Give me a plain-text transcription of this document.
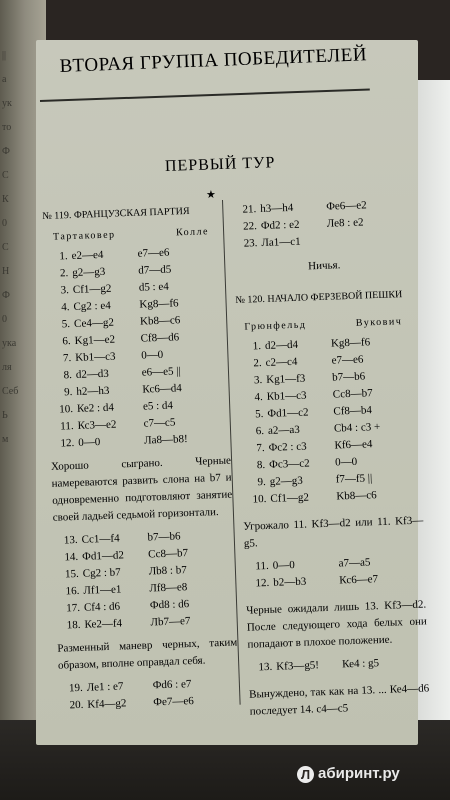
||
а
ук
то
Ф
С
К
0
С
Н
Ф
0
ука
ля
Себ
Ь
м
ВТОРАЯ ГРУППА ПОБЕДИТЕЛЕЙ
ПЕРВЫЙ ТУР
★
№ 119. ФРАНЦУЗСКАЯ ПАРТИЯ
Тартаковер	Колле
1. е2—е4	е7—е6
2. g2—g3	d7—d5
3. Cf1—g2	d5 : е4
4. Сg2 : е4	Kg8—f6
5. Се4—g2	Kb8—с6
6. Kg1—е2	Cf8—d6
7. Kb1—с3	0—0
8. d2—d3	е6—е5 ||
9. h2—h3	Кс6—d4
10. Ке2 : d4	е5 : d4
11. Кс3—е2	с7—с5
12. 0—0	Ла8—b8!
Хорошо сыграно. Черные намереваются развить слона на b7 и одновременно подготовляют занятие своей ладьей седьмой горизонтали.
13. Сс1—f4	b7—b6
14. Фd1—d2	Сс8—b7
15. Сg2 : b7	Лb8 : b7
16. Лf1—е1	Лf8—е8
17. Cf4 : d6	Фd8 : d6
18. Ке2—f4	Лb7—е7
Разменный маневр черных, таким образом, вполне оправдал себя.
19. Ле1 : е7	Фd6 : е7
20. Kf4—g2	Фе7—е6
21. h3—h4	Фе6—е2
22. Фd2 : е2	Ле8 : е2
23. Ла1—с1
Ничья.
№ 120. НАЧАЛО ФЕРЗЕВОЙ ПЕШКИ
Грюнфельд	Вукович
1. d2—d4	Kg8—f6
2. с2—с4	е7—е6
3. Kg1—f3	b7—b6
4. Кb1—с3	Сс8—b7
5. Фd1—с2	Cf8—b4
6. а2—а3	Сb4 : с3 +
7. Фс2 : с3	Кf6—е4
8. Фс3—с2	0—0
9. g2—g3	f7—f5 ||
10. Cf1—g2	Kb8—с6
Угрожало 11. Kf3—d2 или 11. Kf3—g5.
11. 0—0	а7—а5
12. b2—b3	Кс6—е7
Черные ожидали лишь 13. Kf3—d2. После следующего хода белых они попадают в плохое положение.
13. Kf3—g5!	Ке4 : g5
Вынуждено, так как на 13. ... Ке4—d6 последует 14. с4—с5
Л абиринт.ру
